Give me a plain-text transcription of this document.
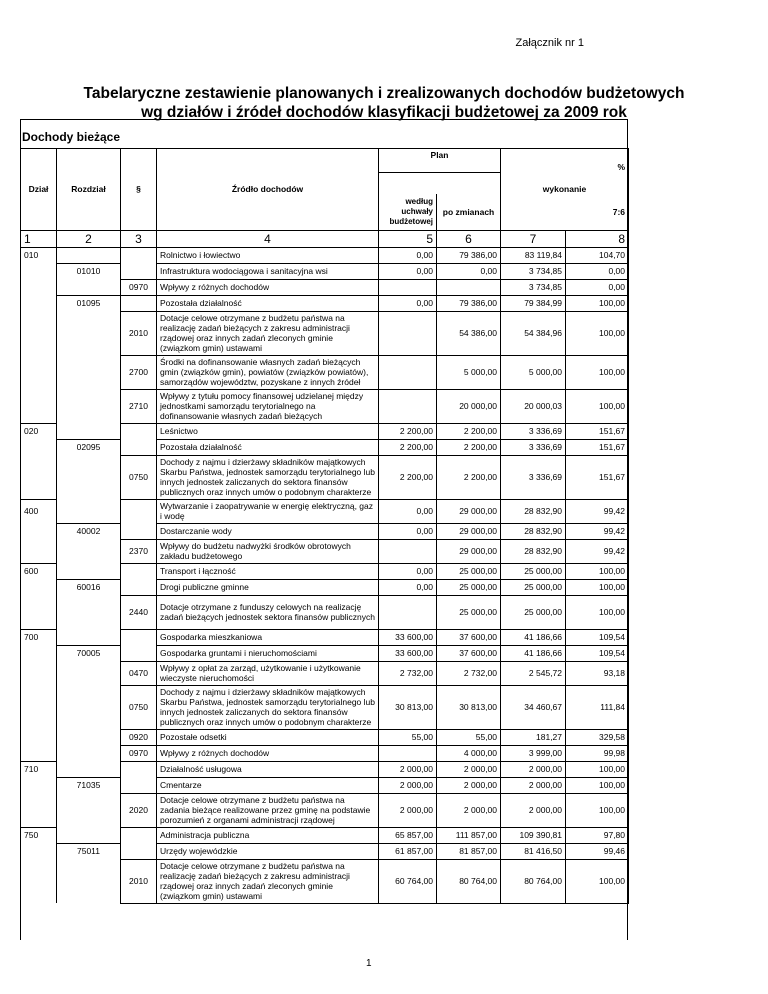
Załącznik nr 1
Tabelaryczne zestawienie planowanych i zrealizowanych dochodów budżetowych
wg działów i źródeł dochodów klasyfikacji budżetowej za 2009 rok
Dochody bieżące
Dział	Rozdział	§	Źródło dochodów	Plan			%
						wykonanie	
				według uchwały budżetowej	po zmianach		7:6
1	2	3	4	5	6	7	8
010			Rolnictwo i łowiectwo	0,00	79 386,00	83 119,84	104,70
	01010		Infrastruktura wodociągowa i sanitacyjna wsi	0,00	0,00	3 734,85	0,00
		0970	Wpływy z różnych dochodów			3 734,85	0,00
	01095		Pozostała działalność	0,00	79 386,00	79 384,99	100,00
		2010	Dotacje celowe otrzymane z budżetu państwa na realizację zadań bieżących z zakresu administracji rządowej oraz innych zadań zleconych gminie (związkom gmin) ustawami		54 386,00	54 384,96	100,00
		2700	Środki na dofinansowanie własnych zadań bieżących gmin (związków gmin), powiatów (związków powiatów), samorządów województw, pozyskane z innych źródeł		5 000,00	5 000,00	100,00
		2710	Wpływy z tytułu pomocy finansowej udzielanej między jednostkami samorządu terytorialnego na dofinansowanie własnych zadań bieżących		20 000,00	20 000,03	100,00
020			Leśnictwo	2 200,00	2 200,00	3 336,69	151,67
	02095		Pozostała działalność	2 200,00	2 200,00	3 336,69	151,67
		0750	Dochody z najmu i dzierżawy składników majątkowych Skarbu Państwa, jednostek samorządu terytorialnego lub innych jednostek zaliczanych do sektora finansów publicznych oraz innych umów o podobnym charakterze	2 200,00	2 200,00	3 336,69	151,67
400			Wytwarzanie i zaopatrywanie w energię elektryczną, gaz i wodę	0,00	29 000,00	28 832,90	99,42
	40002		Dostarczanie wody	0,00	29 000,00	28 832,90	99,42
		2370	Wpływy do budżetu nadwyżki środków obrotowych zakładu budżetowego		29 000,00	28 832,90	99,42
600			Transport i łączność	0,00	25 000,00	25 000,00	100,00
	60016		Drogi publiczne gminne	0,00	25 000,00	25 000,00	100,00
		2440	Dotacje otrzymane z funduszy celowych na realizację zadań bieżących jednostek sektora finansów publicznych		25 000,00	25 000,00	100,00
700			Gospodarka mieszkaniowa	33 600,00	37 600,00	41 186,66	109,54
	70005		Gospodarka gruntami i nieruchomościami	33 600,00	37 600,00	41 186,66	109,54
		0470	Wpływy z opłat za zarząd, użytkowanie i użytkowanie wieczyste nieruchomości	2 732,00	2 732,00	2 545,72	93,18
		0750	Dochody z najmu i dzierżawy składników majątkowych Skarbu Państwa, jednostek samorządu terytorialnego lub innych jednostek zaliczanych do sektora finansów publicznych oraz innych umów o podobnym charakterze	30 813,00	30 813,00	34 460,67	111,84
		0920	Pozostałe odsetki	55,00	55,00	181,27	329,58
		0970	Wpływy z różnych dochodów		4 000,00	3 999,00	99,98
710			Działalność usługowa	2 000,00	2 000,00	2 000,00	100,00
	71035		Cmentarze	2 000,00	2 000,00	2 000,00	100,00
		2020	Dotacje celowe otrzymane z budżetu państwa na zadania bieżące realizowane przez gminę na podstawie porozumień z organami administracji rządowej	2 000,00	2 000,00	2 000,00	100,00
750			Administracja publiczna	65 857,00	111 857,00	109 390,81	97,80
	75011		Urzędy wojewódzkie	61 857,00	81 857,00	81 416,50	99,46
		2010	Dotacje celowe otrzymane z budżetu państwa na realizację zadań bieżących z zakresu administracji rządowej oraz innych zadań zleconych gminie (związkom gmin) ustawami	60 764,00	80 764,00	80 764,00	100,00
1
